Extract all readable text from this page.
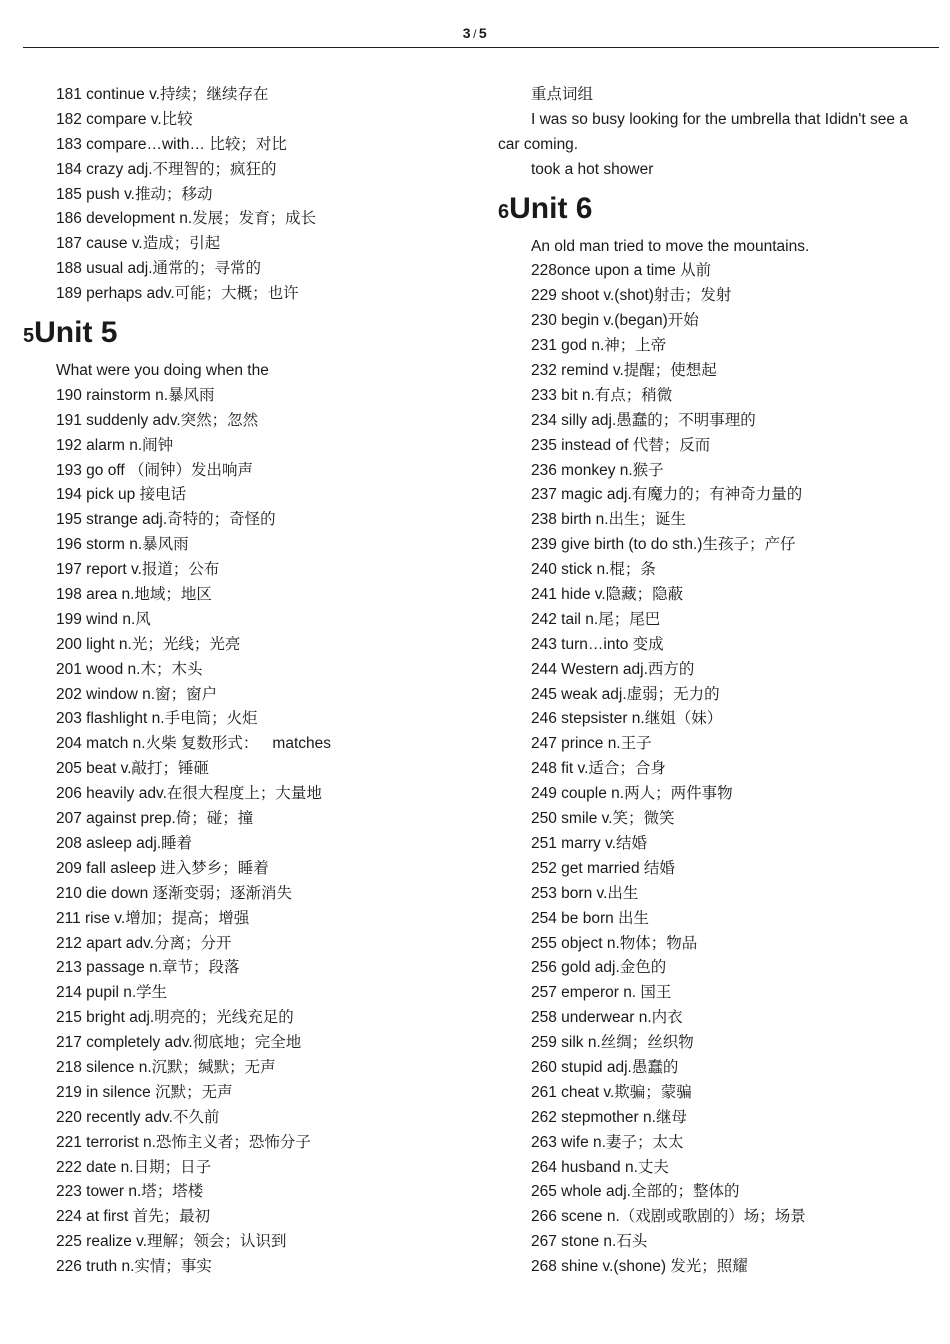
3 / 5
181 continue v.持续；继续存在
182 compare v.比较
183 compare…with… 比较；对比
184 crazy adj.不理智的；疯狂的
185 push v.推动；移动
186 development n.发展；发育；成长
187 cause v.造成；引起
188 usual adj.通常的；寻常的
189 perhaps adv.可能；大概；也许
5Unit 5
What were you doing when the
190 rainstorm n.暴风雨
191 suddenly adv.突然；忽然
192 alarm n.闹钟
193 go off （闹钟）发出响声
194 pick up 接电话
195 strange adj.奇特的；奇怪的
196 storm n.暴风雨
197 report v.报道；公布
198 area n.地域；地区
199 wind n.风
200 light n.光；光线；光亮
201 wood n.木；木头
202 window n.窗；窗户
203 flashlight n.手电筒；火炬
204 match n.火柴 复数形式： matches
205 beat v.敲打；锤砸
206 heavily adv.在很大程度上；大量地
207 against prep.倚；碰；撞
208 asleep adj.睡着
209 fall asleep 进入梦乡；睡着
210 die down 逐渐变弱；逐渐消失
211 rise v.增加；提高；增强
212 apart adv.分离；分开
213 passage n.章节；段落
214 pupil n.学生
215 bright adj.明亮的；光线充足的
217 completely adv.彻底地；完全地
218 silence n.沉默；缄默；无声
219 in silence 沉默；无声
220 recently adv.不久前
221 terrorist n.恐怖主义者；恐怖分子
222 date n.日期；日子
223 tower n.塔；塔楼
224 at first 首先；最初
225 realize v.理解；领会；认识到
226 truth n.实情；事实
重点词组
I was so busy looking for the umbrella that Ididn't see a
car coming.
took a hot shower
6Unit 6
An old man tried to move the mountains.
228once upon a time 从前
229 shoot v.(shot)射击；发射
230 begin v.(began)开始
231 god n.神；上帝
232 remind v.提醒；使想起
233 bit n.有点；稍微
234 silly adj.愚蠢的；不明事理的
235 instead of 代替；反而
236 monkey n.猴子
237 magic adj.有魔力的；有神奇力量的
238 birth n.出生；诞生
239 give birth (to do sth.)生孩子；产仔
240 stick n.棍；条
241 hide v.隐藏；隐蔽
242 tail n.尾；尾巴
243 turn…into 变成
244 Western adj.西方的
245 weak adj.虚弱；无力的
246 stepsister n.继姐（妹）
247 prince n.王子
248 fit v.适合；合身
249 couple n.两人；两件事物
250 smile v.笑；微笑
251 marry v.结婚
252 get married 结婚
253 born v.出生
254 be born 出生
255 object n.物体；物品
256 gold adj.金色的
257 emperor n. 国王
258 underwear n.内衣
259 silk n.丝绸；丝织物
260 stupid adj.愚蠢的
261 cheat v.欺骗；蒙骗
262 stepmother n.继母
263 wife n.妻子；太太
264 husband n.丈夫
265 whole adj.全部的；整体的
266 scene n.（戏剧或歌剧的）场；场景
267 stone n.石头
268 shine v.(shone) 发光；照耀
